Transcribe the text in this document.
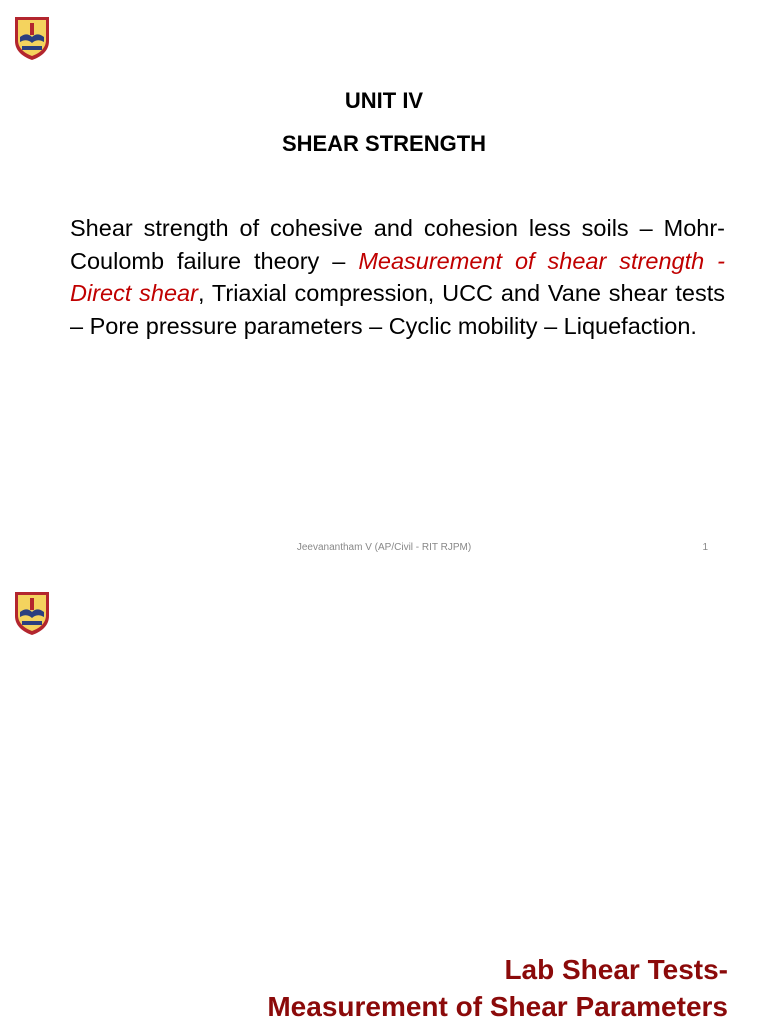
UNIT IV
SHEAR STRENGTH
Shear strength of cohesive and cohesion less soils – Mohr-Coulomb failure theory – Measurement of shear strength - Direct shear, Triaxial compression, UCC and Vane shear tests – Pore pressure parameters – Cyclic mobility – Liquefaction.
Jeevanantham V (AP/Civil - RIT RJPM)	1
Lab Shear Tests-
Measurement of Shear Parameters
